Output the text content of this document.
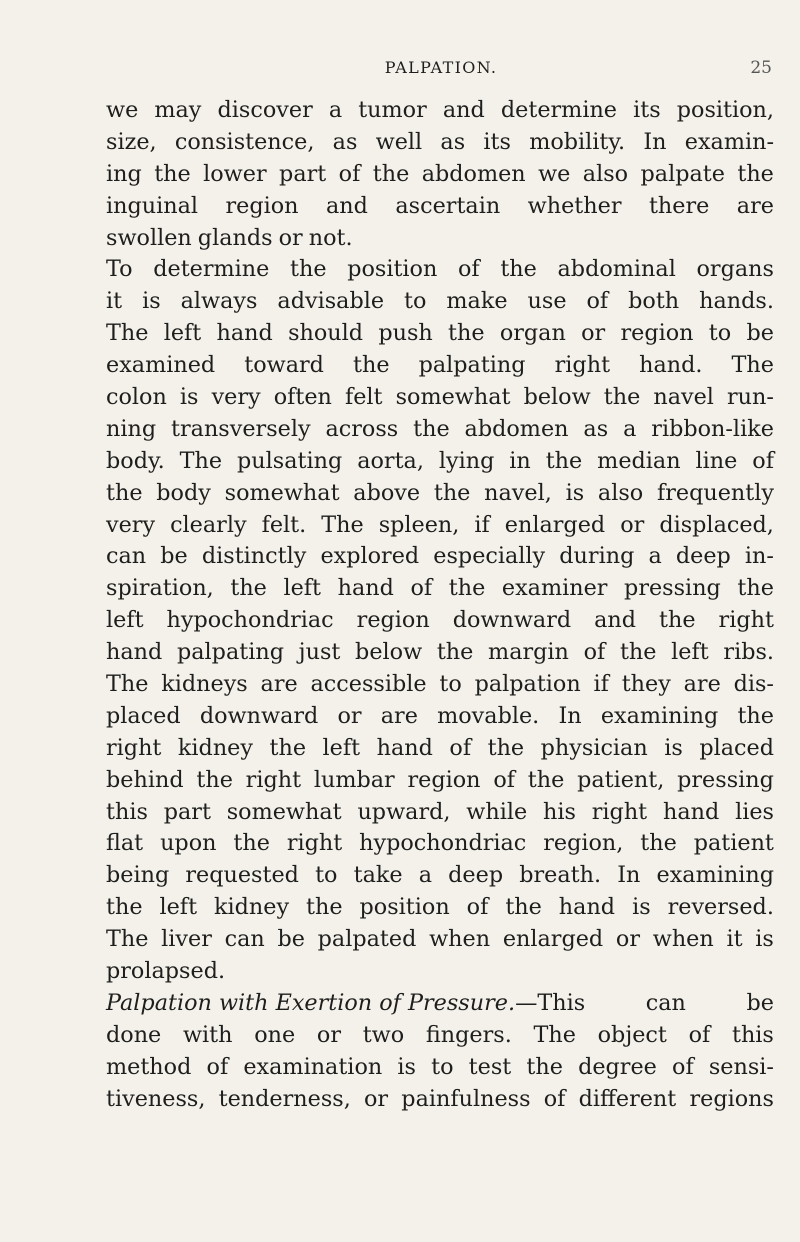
PALPATION.	25
we may discover a tumor and determine its position,
size, consistence, as well as its mobility. In examin-
ing the lower part of the abdomen we also palpate the
inguinal region and ascertain whether there are
swollen glands or not.
To determine the position of the abdominal organs
it is always advisable to make use of both hands.
The left hand should push the organ or region to be
examined toward the palpating right hand. The
colon is very often felt somewhat below the navel run-
ning transversely across the abdomen as a ribbon-like
body. The pulsating aorta, lying in the median line of
the body somewhat above the navel, is also frequently
very clearly felt. The spleen, if enlarged or displaced,
can be distinctly explored especially during a deep in-
spiration, the left hand of the examiner pressing the
left hypochondriac region downward and the right
hand palpating just below the margin of the left ribs.
The kidneys are accessible to palpation if they are dis-
placed downward or are movable. In examining the
right kidney the left hand of the physician is placed
behind the right lumbar region of the patient, pressing
this part somewhat upward, while his right hand lies
flat upon the right hypochondriac region, the patient
being requested to take a deep breath. In examining
the left kidney the position of the hand is reversed.
The liver can be palpated when enlarged or when it is
prolapsed.
Palpation with Exertion of Pressure.—This	can	be
done with one or two fingers. The object of this
method of examination is to test the degree of sensi-
tiveness, tenderness, or painfulness of different regions
